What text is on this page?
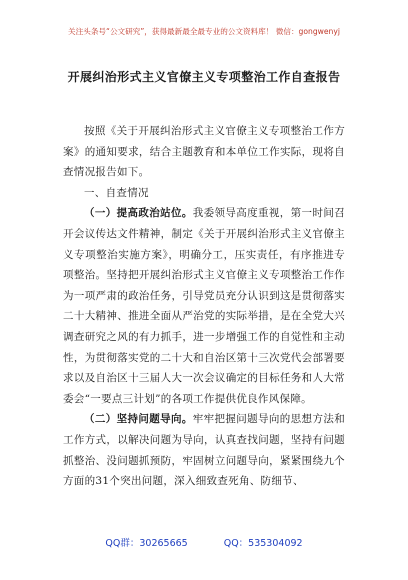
关注头条号“公文研究”，获得最新最全最专业的公文资料库！ 微信：gongwenyj
开展纠治形式主义官僚主义专项整治工作自查报告

按照《关于开展纠治形式主义官僚主义专项整治工作方案》的通知要求，结合主题教育和本单位工作实际，现将自查情况报告如下。

一、自查情况

（一）提高政治站位。我委领导高度重视，第一时间召开会议传达文件精神，制定《关于开展纠治形式主义官僚主义专项整治实施方案》，明确分工，压实责任，有序推进专项整治。坚持把开展纠治形式主义官僚主义专项整治工作作为一项严肃的政治任务，引导党员充分认识到这是贯彻落实二十大精神、推进全面从严治党的实际举措，是在全党大兴调查研究之风的有力抓手，进一步增强工作的自觉性和主动性，为贯彻落实党的二十大和自治区第十三次党代会部署要求以及自治区十三届人大一次会议确定的目标任务和人大常委会“一要点三计划”的各项工作提供优良作风保障。

（二）坚持问题导向。牢牢把握问题导向的思想方法和工作方式，以解决问题为导向，认真查找问题，坚持有问题抓整治、没问题抓预防，牢固树立问题导向，紧紧围绕九个方面的31个突出问题，深入细致查死角、防细节、

QQ群：30265665	QQ：535304092
